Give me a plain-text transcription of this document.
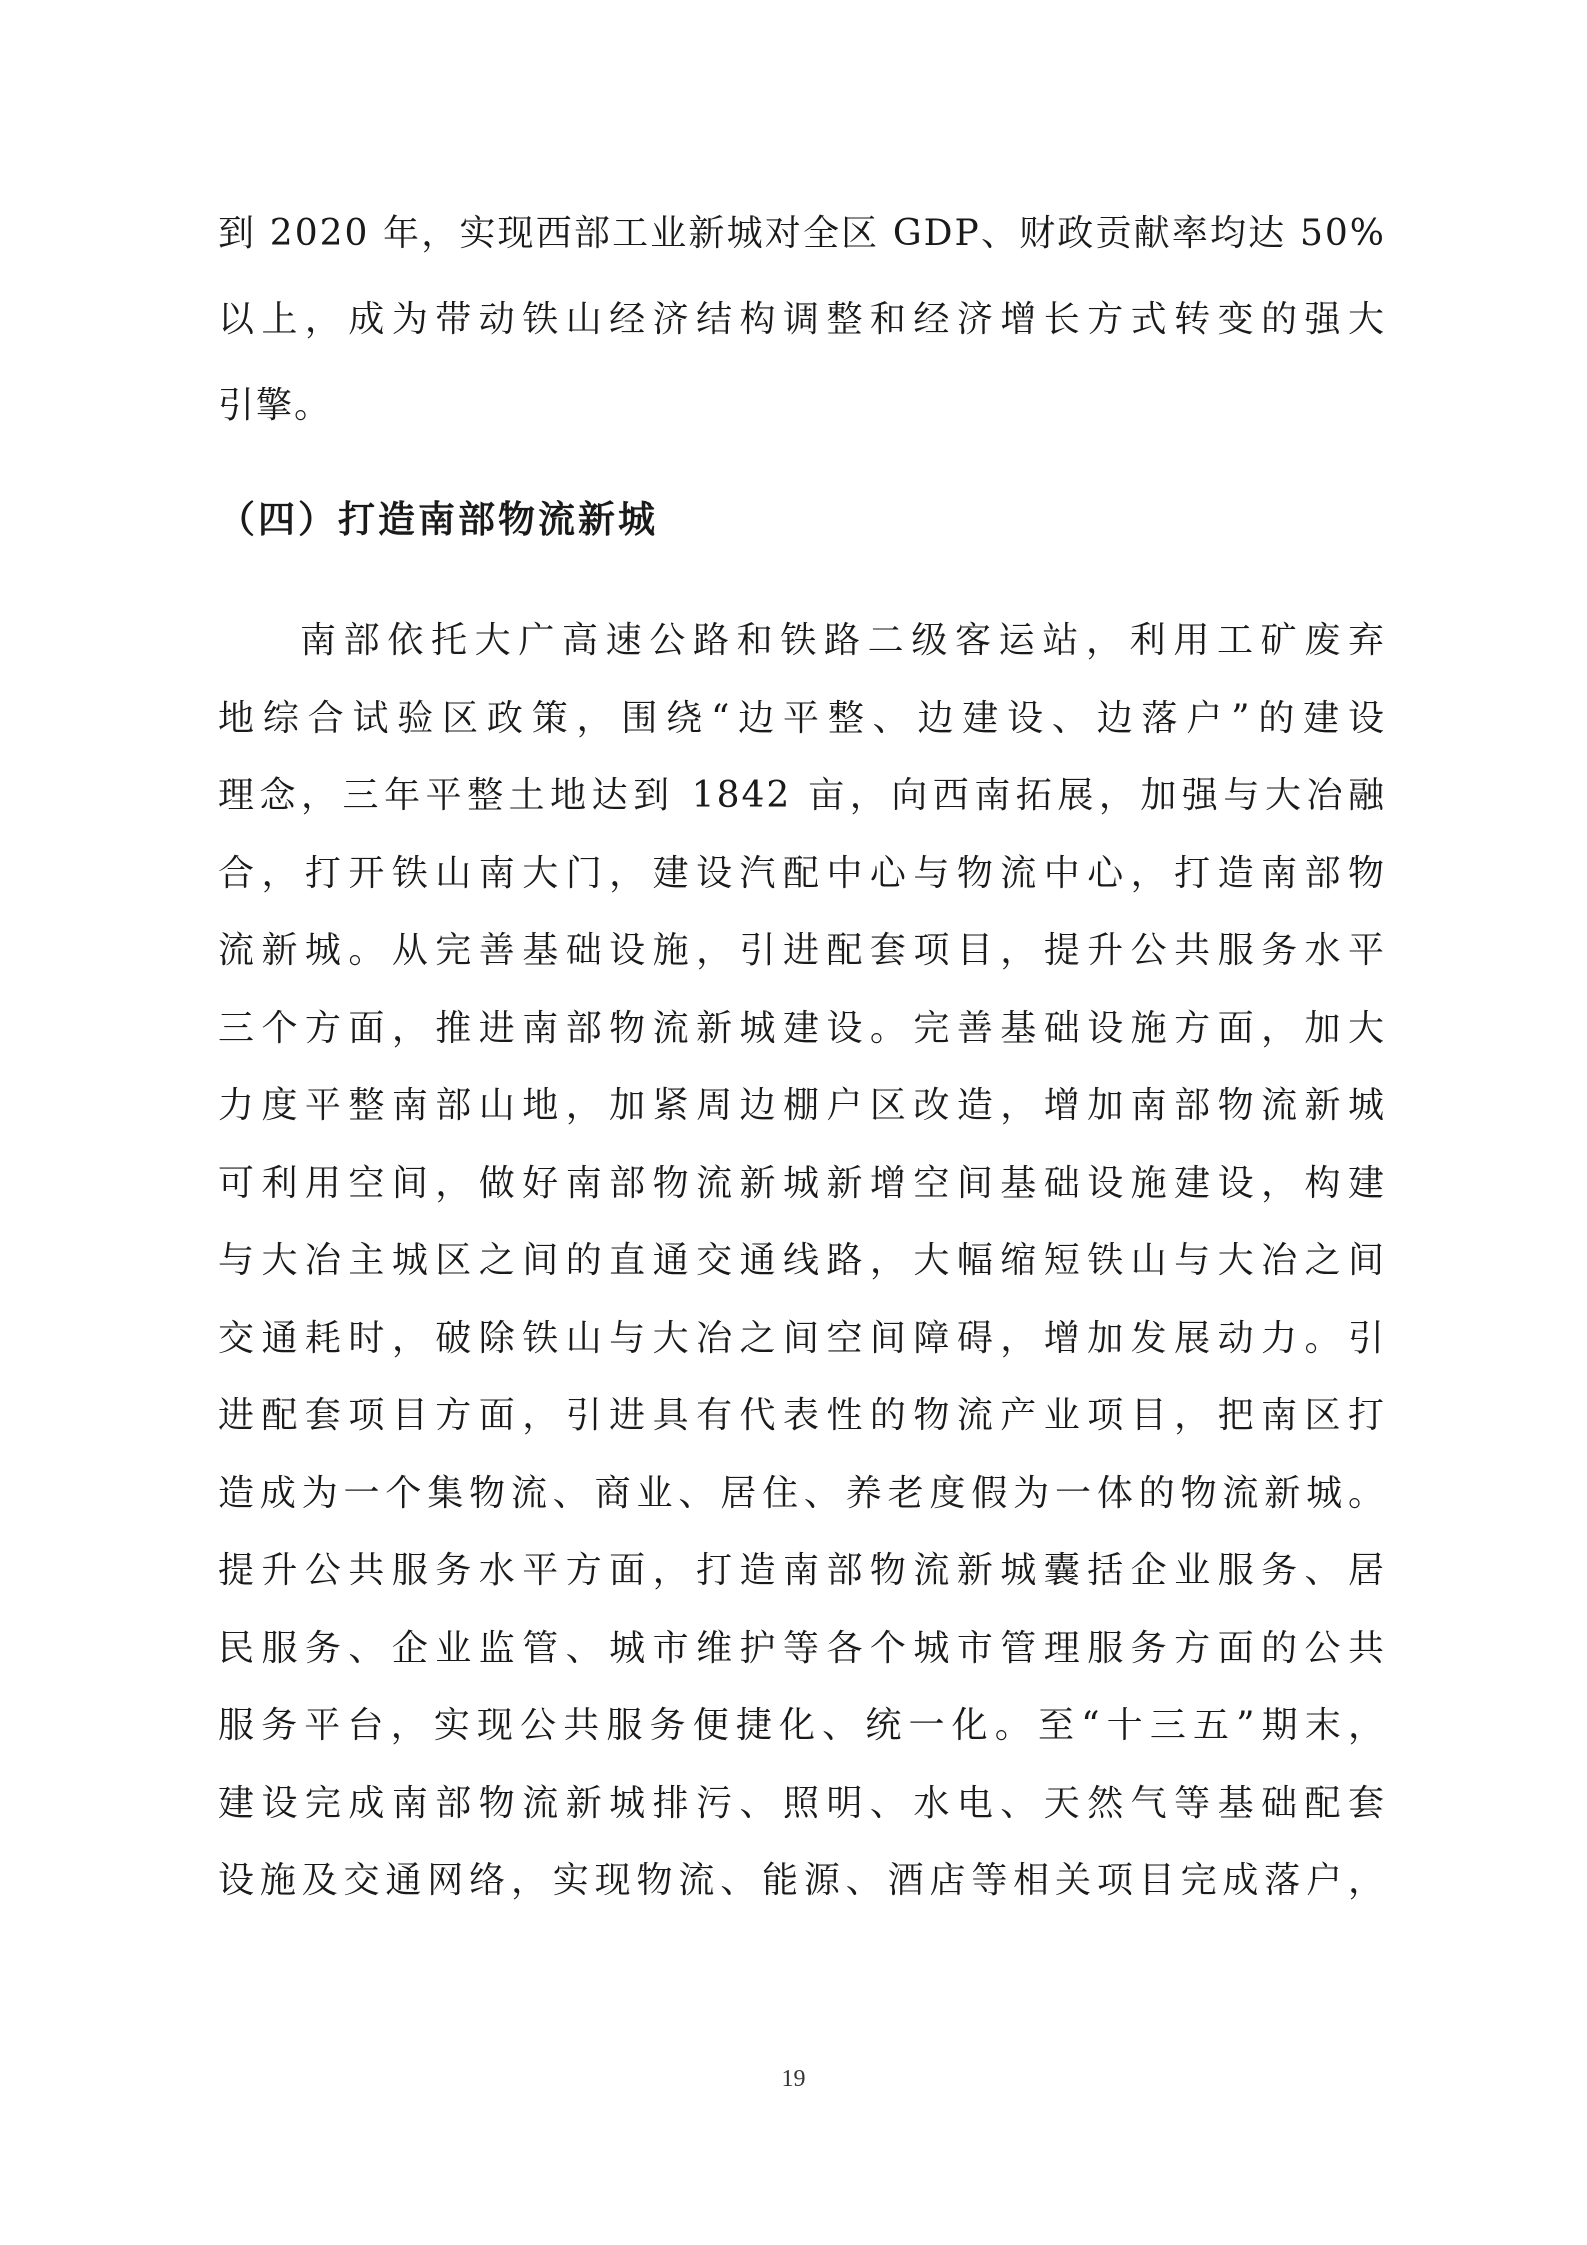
到 2020 年，实现西部工业新城对全区 GDP、财政贡献率均达 50%
以上，成为带动铁山经济结构调整和经济增长方式转变的强大
引擎。
（四）打造南部物流新城
南部依托大广高速公路和铁路二级客运站，利用工矿废弃
地综合试验区政策，围绕“边平整、边建设、边落户”的建设
理念，三年平整土地达到 1842 亩，向西南拓展，加强与大冶融
合，打开铁山南大门，建设汽配中心与物流中心，打造南部物
流新城。从完善基础设施，引进配套项目，提升公共服务水平
三个方面，推进南部物流新城建设。完善基础设施方面，加大
力度平整南部山地，加紧周边棚户区改造，增加南部物流新城
可利用空间，做好南部物流新城新增空间基础设施建设，构建
与大冶主城区之间的直通交通线路，大幅缩短铁山与大冶之间
交通耗时，破除铁山与大冶之间空间障碍，增加发展动力。引
进配套项目方面，引进具有代表性的物流产业项目，把南区打
造成为一个集物流、商业、居住、养老度假为一体的物流新城。
提升公共服务水平方面，打造南部物流新城囊括企业服务、居
民服务、企业监管、城市维护等各个城市管理服务方面的公共
服务平台，实现公共服务便捷化、统一化。至“十三五”期末，
建设完成南部物流新城排污、照明、水电、天然气等基础配套
设施及交通网络，实现物流、能源、酒店等相关项目完成落户，
19
